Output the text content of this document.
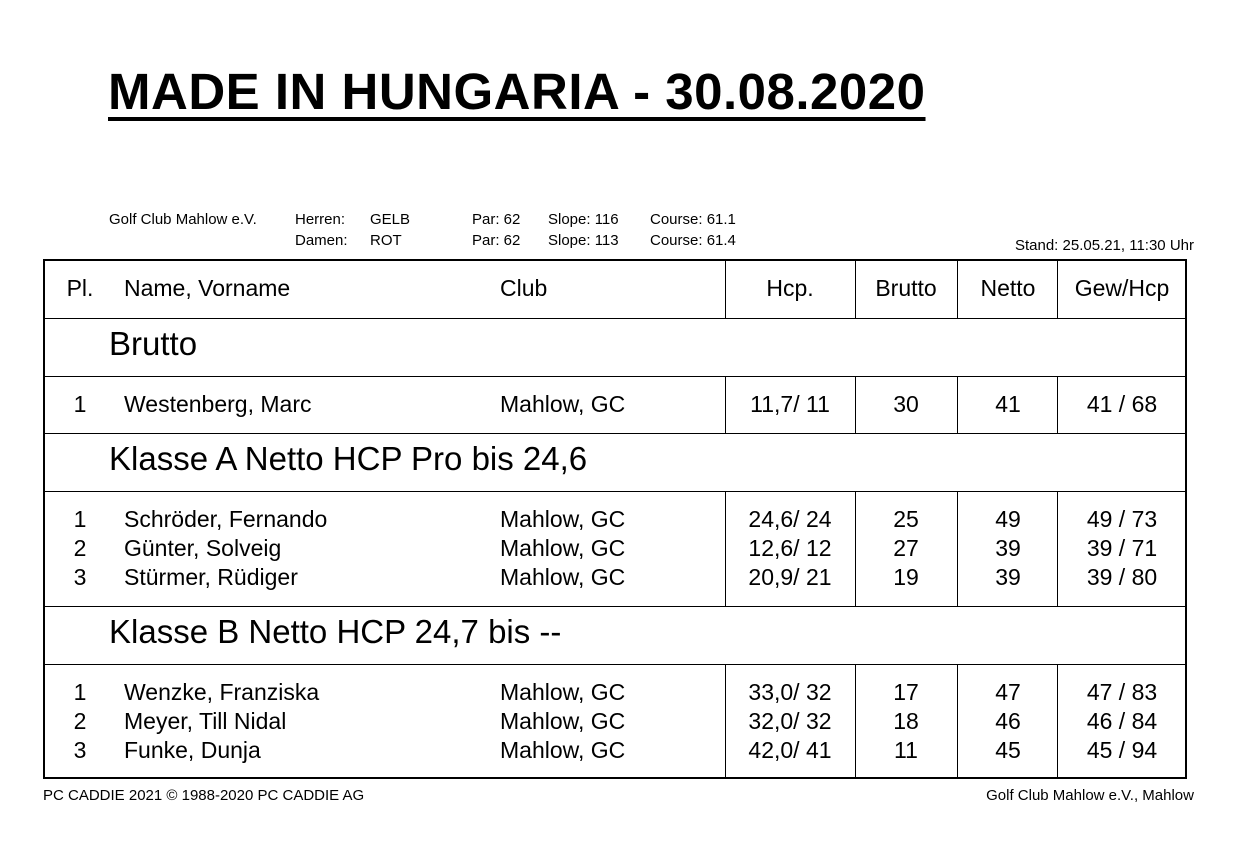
MADE IN HUNGARIA - 30.08.2020
Golf Club Mahlow e.V.	Herren: GELB	Par: 62 Slope: 116 Course: 61.1
Damen: ROT	Par: 62 Slope: 113 Course: 61.4	Stand: 25.05.21, 11:30 Uhr
Pl.	Name, Vorname	Club	Hcp.	Brutto	Netto	Gew/Hcp
Brutto
1	Westenberg, Marc	Mahlow, GC	11,7/ 11	30	41	41 / 68
Klasse A Netto HCP Pro bis 24,6
1	Schröder, Fernando	Mahlow, GC	24,6/ 24	25	49	49 / 73
2	Günter, Solveig	Mahlow, GC	12,6/ 12	27	39	39 / 71
3	Stürmer, Rüdiger	Mahlow, GC	20,9/ 21	19	39	39 / 80
Klasse B Netto HCP 24,7 bis --
1	Wenzke, Franziska	Mahlow, GC	33,0/ 32	17	47	47 / 83
2	Meyer, Till Nidal	Mahlow, GC	32,0/ 32	18	46	46 / 84
3	Funke, Dunja	Mahlow, GC	42,0/ 41	11	45	45 / 94
PC CADDIE 2021 © 1988-2020 PC CADDIE AG	Golf Club Mahlow e.V., Mahlow
